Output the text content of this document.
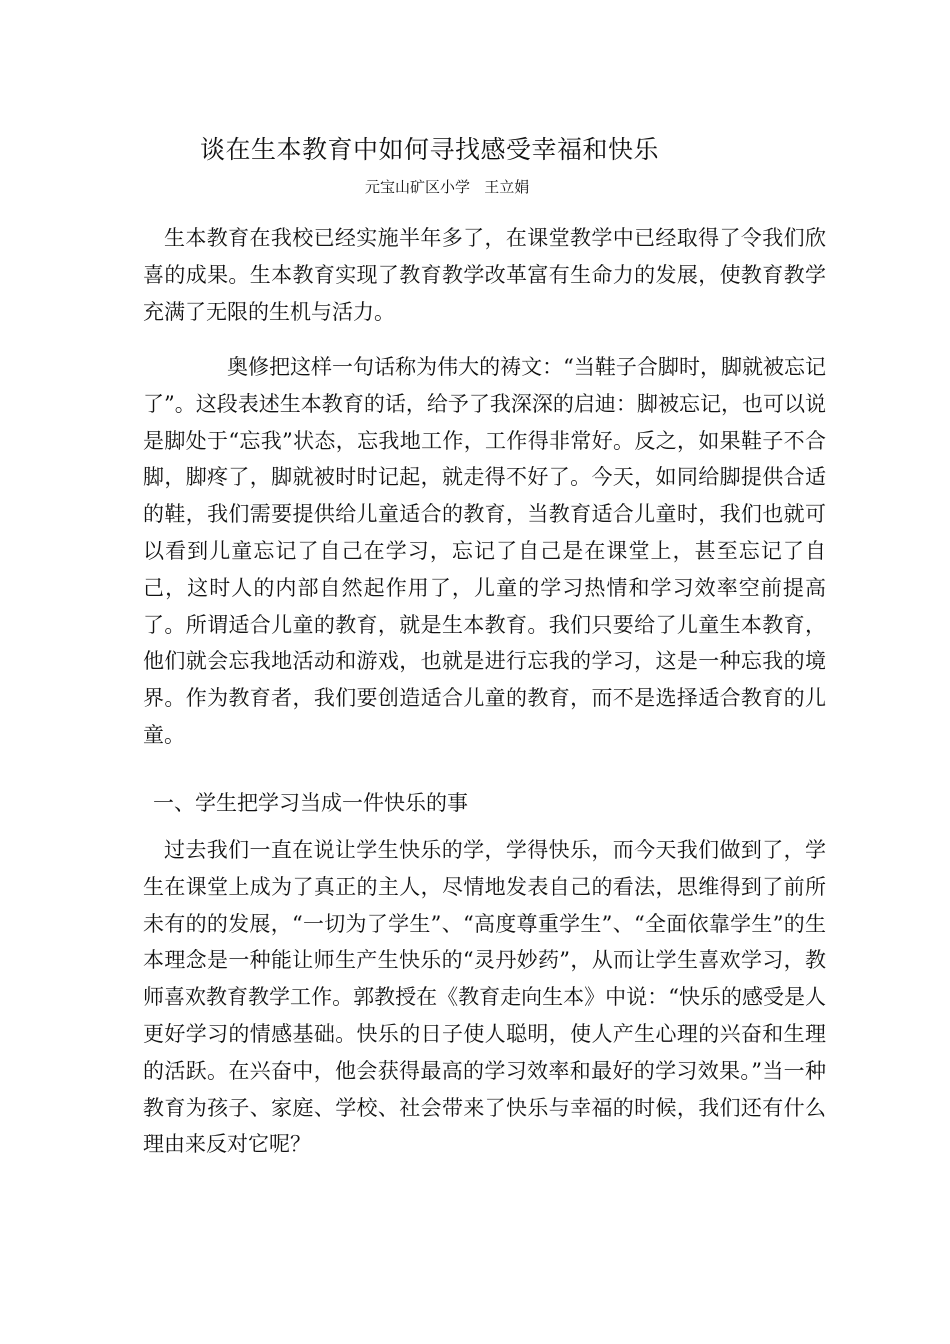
谈在生本教育中如何寻找感受幸福和快乐
元宝山矿区小学   王立娟

生本教育在我校已经实施半年多了，在课堂教学中已经取得了令我们欣喜的成果。生本教育实现了教育教学改革富有生命力的发展，使教育教学充满了无限的生机与活力。

奥修把这样一句话称为伟大的祷文：“当鞋子合脚时，脚就被忘记了”。这段表述生本教育的话，给予了我深深的启迪：脚被忘记，也可以说是脚处于“忘我”状态，忘我地工作，工作得非常好。反之，如果鞋子不合脚，脚疼了，脚就被时时记起，就走得不好了。今天，如同给脚提供合适的鞋，我们需要提供给儿童适合的教育，当教育适合儿童时，我们也就可以看到儿童忘记了自己在学习，忘记了自己是在课堂上，甚至忘记了自己，这时人的内部自然起作用了，儿童的学习热情和学习效率空前提高了。所谓适合儿童的教育，就是生本教育。我们只要给了儿童生本教育，他们就会忘我地活动和游戏，也就是进行忘我的学习，这是一种忘我的境界。作为教育者，我们要创造适合儿童的教育，而不是选择适合教育的儿童。

一、学生把学习当成一件快乐的事

过去我们一直在说让学生快乐的学，学得快乐，而今天我们做到了，学生在课堂上成为了真正的主人，尽情地发表自己的看法，思维得到了前所未有的的发展，“一切为了学生”、“高度尊重学生”、“全面依靠学生”的生本理念是一种能让师生产生快乐的“灵丹妙药”，从而让学生喜欢学习，教师喜欢教育教学工作。郭教授在《教育走向生本》中说：“快乐的感受是人更好学习的情感基础。快乐的日子使人聪明，使人产生心理的兴奋和生理的活跃。在兴奋中，他会获得最高的学习效率和最好的学习效果。”当一种教育为孩子、家庭、学校、社会带来了快乐与幸福的时候，我们还有什么理由来反对它呢？
